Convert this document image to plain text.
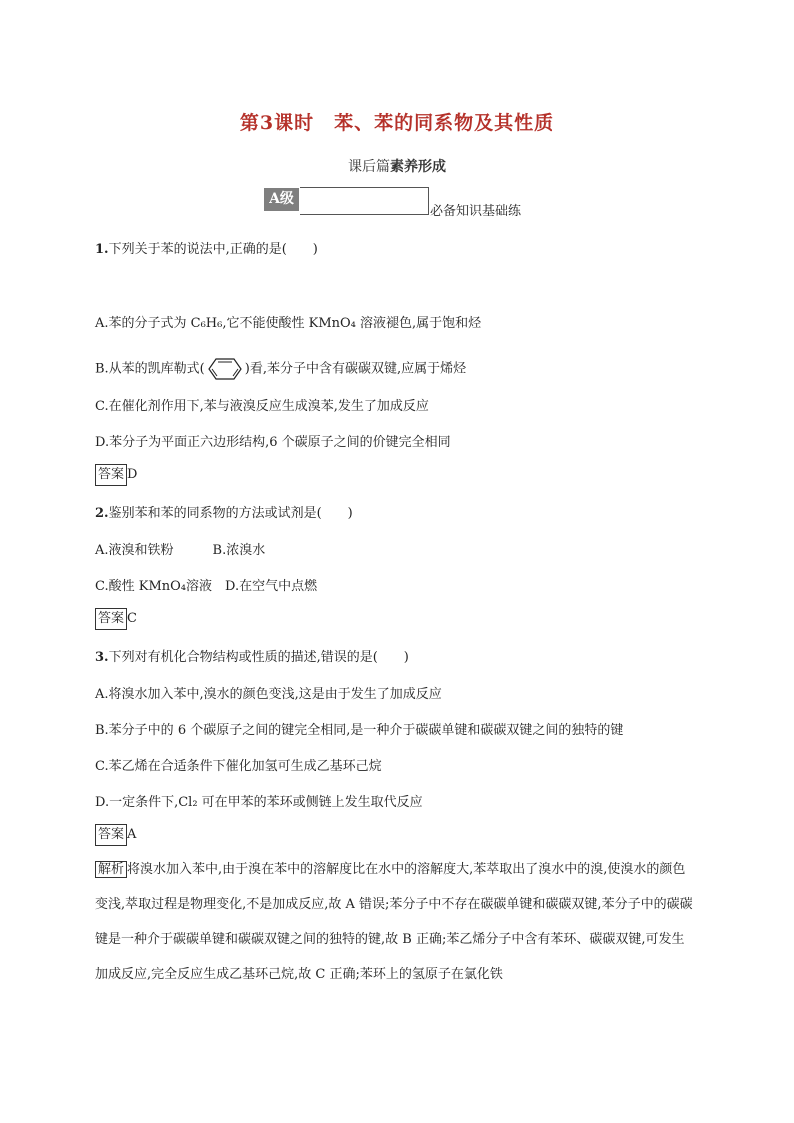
第3课时　苯、苯的同系物及其性质
课后篇素养形成
A级
必备知识基础练
1.下列关于苯的说法中,正确的是(　　)
A.苯的分子式为 C₆H₆,它不能使酸性 KMnO₄ 溶液褪色,属于饱和烃
B.从苯的凯库勒式(	)看,苯分子中含有碳碳双键,应属于烯烃
C.在催化剂作用下,苯与液溴反应生成溴苯,发生了加成反应
D.苯分子为平面正六边形结构,6 个碳原子之间的价键完全相同
答案 D
2.鉴别苯和苯的同系物的方法或试剂是(　　)
A.液溴和铁粉　　　B.浓溴水
C.酸性 KMnO₄溶液　D.在空气中点燃
答案 C
3.下列对有机化合物结构或性质的描述,错误的是(　　)
A.将溴水加入苯中,溴水的颜色变浅,这是由于发生了加成反应
B.苯分子中的 6 个碳原子之间的键完全相同,是一种介于碳碳单键和碳碳双键之间的独特的键
C.苯乙烯在合适条件下催化加氢可生成乙基环己烷
D.一定条件下,Cl₂ 可在甲苯的苯环或侧链上发生取代反应
答案 A
解析 将溴水加入苯中,由于溴在苯中的溶解度比在水中的溶解度大,苯萃取出了溴水中的溴,使溴水的颜色变浅,萃取过程是物理变化,不是加成反应,故 A 错误;苯分子中不存在碳碳单键和碳碳双键,苯分子中的碳碳键是一种介于碳碳单键和碳碳双键之间的独特的键,故 B 正确;苯乙烯分子中含有苯环、碳碳双键,可发生加成反应,完全反应生成乙基环己烷,故 C 正确;苯环上的氢原子在氯化铁
